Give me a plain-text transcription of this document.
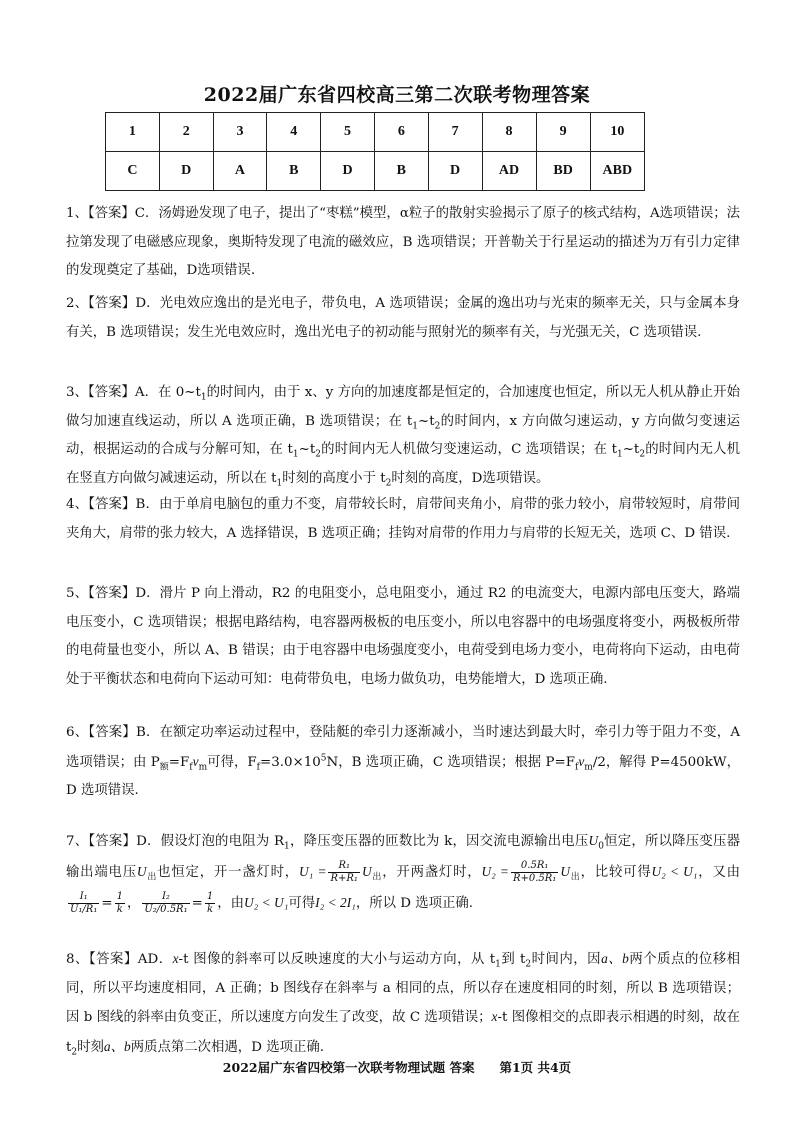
2022届广东省四校高三第二次联考物理答案
1	2	3	4	5	6	7	8	9	10
C	D	A	B	D	B	D	AD	BD	ABD

1、【答案】C．汤姆逊发现了电子，提出了“枣糕”模型，α粒子的散射实验揭示了原子的核式结构，A选项错误；法拉第发现了电磁感应现象，奥斯特发现了电流的磁效应，B 选项错误；开普勒关于行星运动的描述为万有引力定律的发现奠定了基础，D选项错误.

2、【答案】D．光电效应逸出的是光电子，带负电，A 选项错误；金属的逸出功与光束的频率无关，只与金属本身有关，B 选项错误；发生光电效应时，逸出光电子的初动能与照射光的频率有关，与光强无关，C 选项错误.

3、【答案】A．在 $0\sim t_1$的时间内，由于 x、y 方向的加速度都是恒定的，合加速度也恒定，所以无人机从静止开始做匀加速直线运动，所以 A 选项正确，B 选项错误；在 $t_1\sim t_2$的时间内，x 方向做匀速运动，y 方向做匀变速运动，根据运动的合成与分解可知，在 $t_1\sim t_2$的时间内无人机做匀变速运动，C 选项错误；在 $t_1\sim t_2$的时间内无人机在竖直方向做匀减速运动，所以在 $t_1$时刻的高度小于 $t_2$时刻的高度，D选项错误。

4、【答案】B．由于单肩电脑包的重力不变，肩带较长时，肩带间夹角小，肩带的张力较小，肩带较短时，肩带间夹角大，肩带的张力较大，A 选择错误，B 选项正确；挂钩对肩带的作用力与肩带的长短无关，选项 C、D 错误.

5、【答案】D．滑片 P 向上滑动，R2 的电阻变小，总电阻变小，通过 R2 的电流变大，电源内部电压变大，路端电压变小，C 选项错误；根据电路结构，电容器两极板的电压变小，所以电容器中的电场强度将变小，两极板所带的电荷量也变小，所以 A、B 错误；由于电容器中电场强度变小，电荷受到电场力变小，电荷将向下运动，由电荷处于平衡状态和电荷向下运动可知：电荷带负电，电场力做负功，电势能增大，D 选项正确.

6、【答案】B．在额定功率运动过程中，登陆艇的牵引力逐渐减小，当时速达到最大时，牵引力等于阻力不变，A 选项错误；由 $P_额=F_fv_m$可得，$F_f=3.0\times 10^5N$，B 选项正确，C 选项错误；根据 $P=F_fv_m/2$，解得 P=4500kW，D 选项错误.

7、【答案】D．假设灯泡的电阻为 $R_1$，降压变压器的匝数比为 k，因交流电源输出电压$U_0$恒定，所以降压变压器输出端电压$U_出$也恒定，开一盏灯时，$U_1 = \frac{\text{R₁}}{\text{R+R₁}} U_出$，开两盏灯时，$U_2 = \frac{\text{0.5R₁}}{\text{R+0.5R₁}} U_出$，比较可得U₂ < U₁，又由
$\frac{\text{I₁}}{\text{U₁/R₁}} = \frac{1}{k}$ ， $\frac{\text{I₂}}{\text{U₂/0.5R₁}} = \frac{1}{k}$ ，由U₂ < U₁可得I₂ < 2I₁，所以 D 选项正确.

8、【答案】AD．x-t 图像的斜率可以反映速度的大小与运动方向，从 $t_1$到 $t_2$时间内，因a、b两个质点的位移相同，所以平均速度相同，A 正确；b 图线存在斜率与 a 相同的点，所以存在速度相同的时刻，所以 B 选项错误；因 b 图线的斜率由负变正，所以速度方向发生了改变，故 C 选项错误；x-t 图像相交的点即表示相遇的时刻，故在 $t_2$时刻a、b两质点第二次相遇，D 选项正确.

2022届广东省四校第一次联考物理试题 答案　　第1页 共4页
